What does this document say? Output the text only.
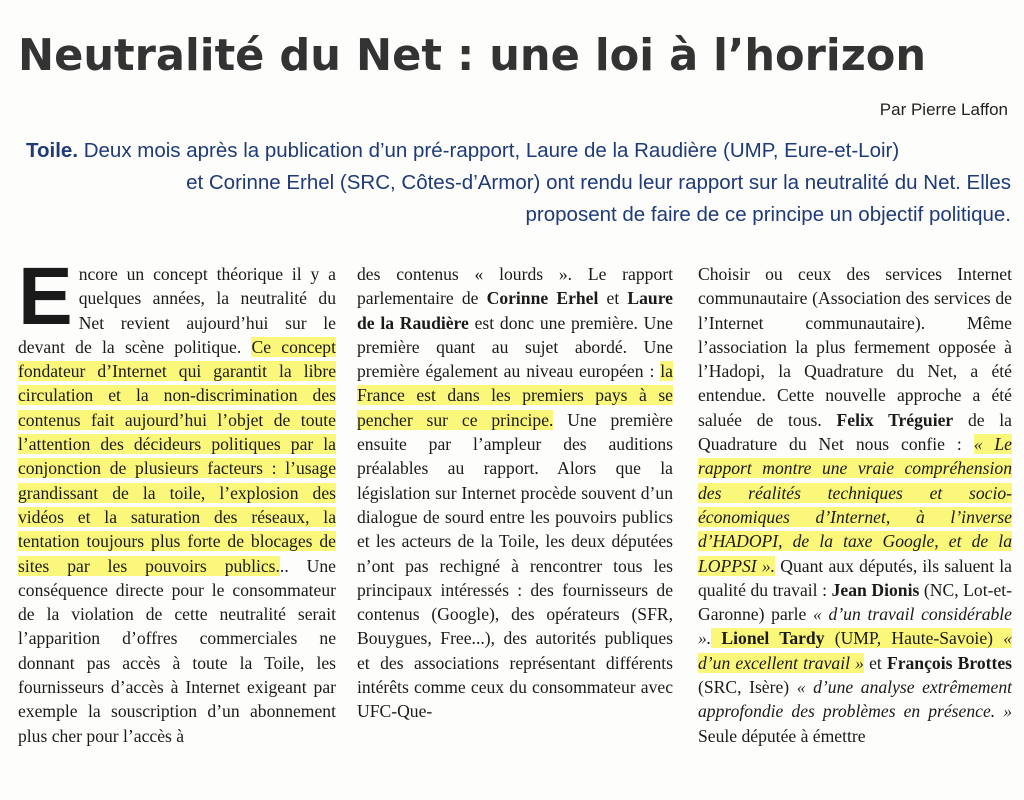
Neutralité du Net : une loi à l’horizon
Par Pierre Laffon
Toile. Deux mois après la publication d’un pré-rapport, Laure de la Raudière (UMP, Eure-et-Loir)
et Corinne Erhel (SRC, Côtes-d’Armor) ont rendu leur rapport sur la neutralité du Net. Elles
proposent de faire de ce principe un objectif politique.
Encore un concept théorique il y a quelques années, la neutralité du Net revient aujourd’hui sur le devant de la scène politique. Ce concept fondateur d’Internet qui garantit la libre circulation et la non-discrimination des contenus fait aujourd’hui l’objet de toute l’attention des décideurs politiques par la conjonction de plusieurs facteurs : l’usage grandissant de la toile, l’explosion des vidéos et la saturation des réseaux, la tentation toujours plus forte de blocages de sites par les pouvoirs publics... Une conséquence directe pour le consommateur de la violation de cette neutralité serait l’apparition d’offres commerciales ne donnant pas accès à toute la Toile, les fournisseurs d’accès à Internet exigeant par exemple la souscription d’un abonnement plus cher pour l’accès à
des contenus « lourds ». Le rapport parlementaire de Corinne Erhel et Laure de la Raudière est donc une première. Une première quant au sujet abordé. Une première également au niveau européen : la France est dans les premiers pays à se pencher sur ce principe. Une première ensuite par l’ampleur des auditions préalables au rapport. Alors que la législation sur Internet procède souvent d’un dialogue de sourd entre les pouvoirs publics et les acteurs de la Toile, les deux députées n’ont pas rechigné à rencontrer tous les principaux intéressés : des fournisseurs de contenus (Google), des opérateurs (SFR, Bouygues, Free...), des autorités publiques et des associations représentant différents intérêts comme ceux du consommateur avec UFC-Que-
Choisir ou ceux des services Internet communautaire (Association des services de l’Internet communautaire). Même l’association la plus fermement opposée à l’Hadopi, la Quadrature du Net, a été entendue. Cette nouvelle approche a été saluée de tous. Felix Tréguier de la Quadrature du Net nous confie : « Le rapport montre une vraie compréhension des réalités techniques et socio-économiques d’Internet, à l’inverse d’HADOPI, de la taxe Google, et de la LOPPSI ». Quant aux députés, ils saluent la qualité du travail : Jean Dionis (NC, Lot-et-Garonne) parle « d’un travail considérable ». Lionel Tardy (UMP, Haute-Savoie) « d’un excellent travail » et François Brottes (SRC, Isère) « d’une analyse extrêmement approfondie des problèmes en présence. » Seule députée à émettre
